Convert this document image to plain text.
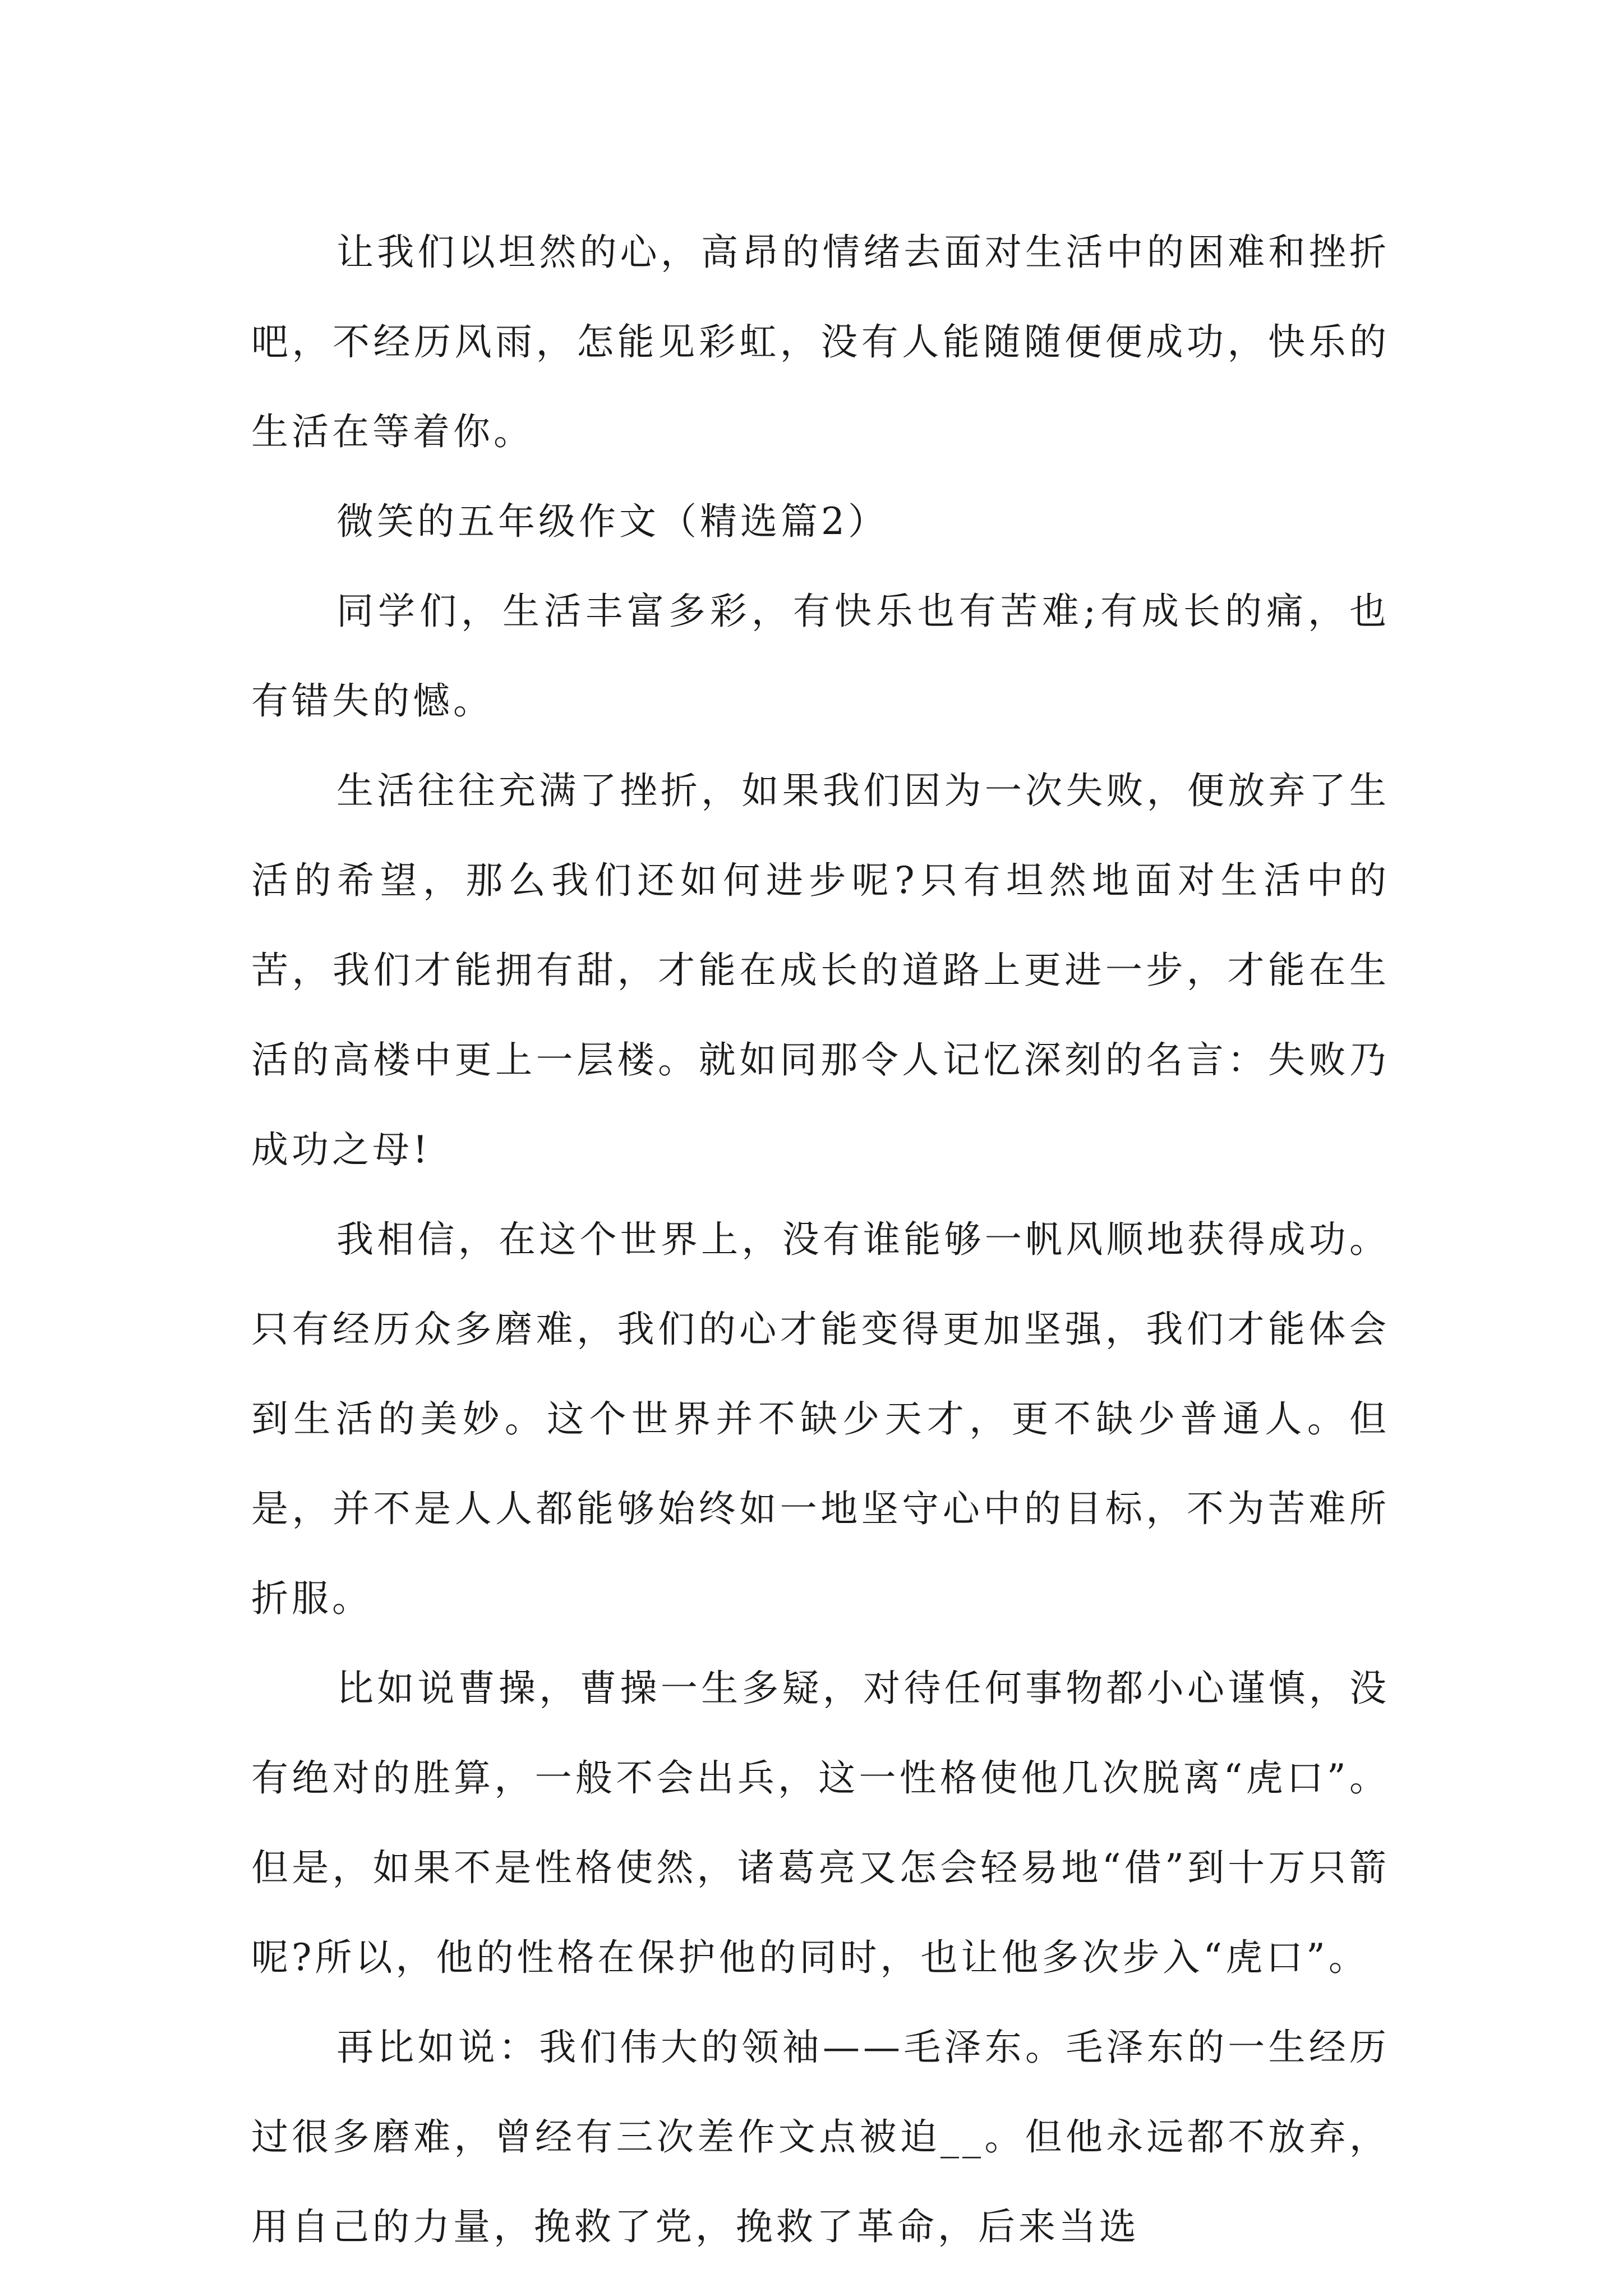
让我们以坦然的心，高昂的情绪去面对生活中的困难和挫折吧，不经历风雨，怎能见彩虹，没有人能随随便便成功，快乐的生活在等着你。

微笑的五年级作文（精选篇2）

同学们，生活丰富多彩，有快乐也有苦难;有成长的痛，也有错失的憾。

生活往往充满了挫折，如果我们因为一次失败，便放弃了生活的希望，那么我们还如何进步呢?只有坦然地面对生活中的苦，我们才能拥有甜，才能在成长的道路上更进一步，才能在生活的高楼中更上一层楼。就如同那令人记忆深刻的名言：失败乃成功之母!

我相信，在这个世界上，没有谁能够一帆风顺地获得成功。只有经历众多磨难，我们的心才能变得更加坚强，我们才能体会到生活的美妙。这个世界并不缺少天才，更不缺少普通人。但是，并不是人人都能够始终如一地坚守心中的目标，不为苦难所折服。

比如说曹操，曹操一生多疑，对待任何事物都小心谨慎，没有绝对的胜算，一般不会出兵，这一性格使他几次脱离“虎口”。但是，如果不是性格使然，诸葛亮又怎会轻易地“借”到十万只箭呢?所以，他的性格在保护他的同时，也让他多次步入“虎口”。

再比如说：我们伟大的领袖——毛泽东。毛泽东的一生经历过很多磨难，曾经有三次差作文点被迫__。但他永远都不放弃，用自己的力量，挽救了党，挽救了革命，后来当选
